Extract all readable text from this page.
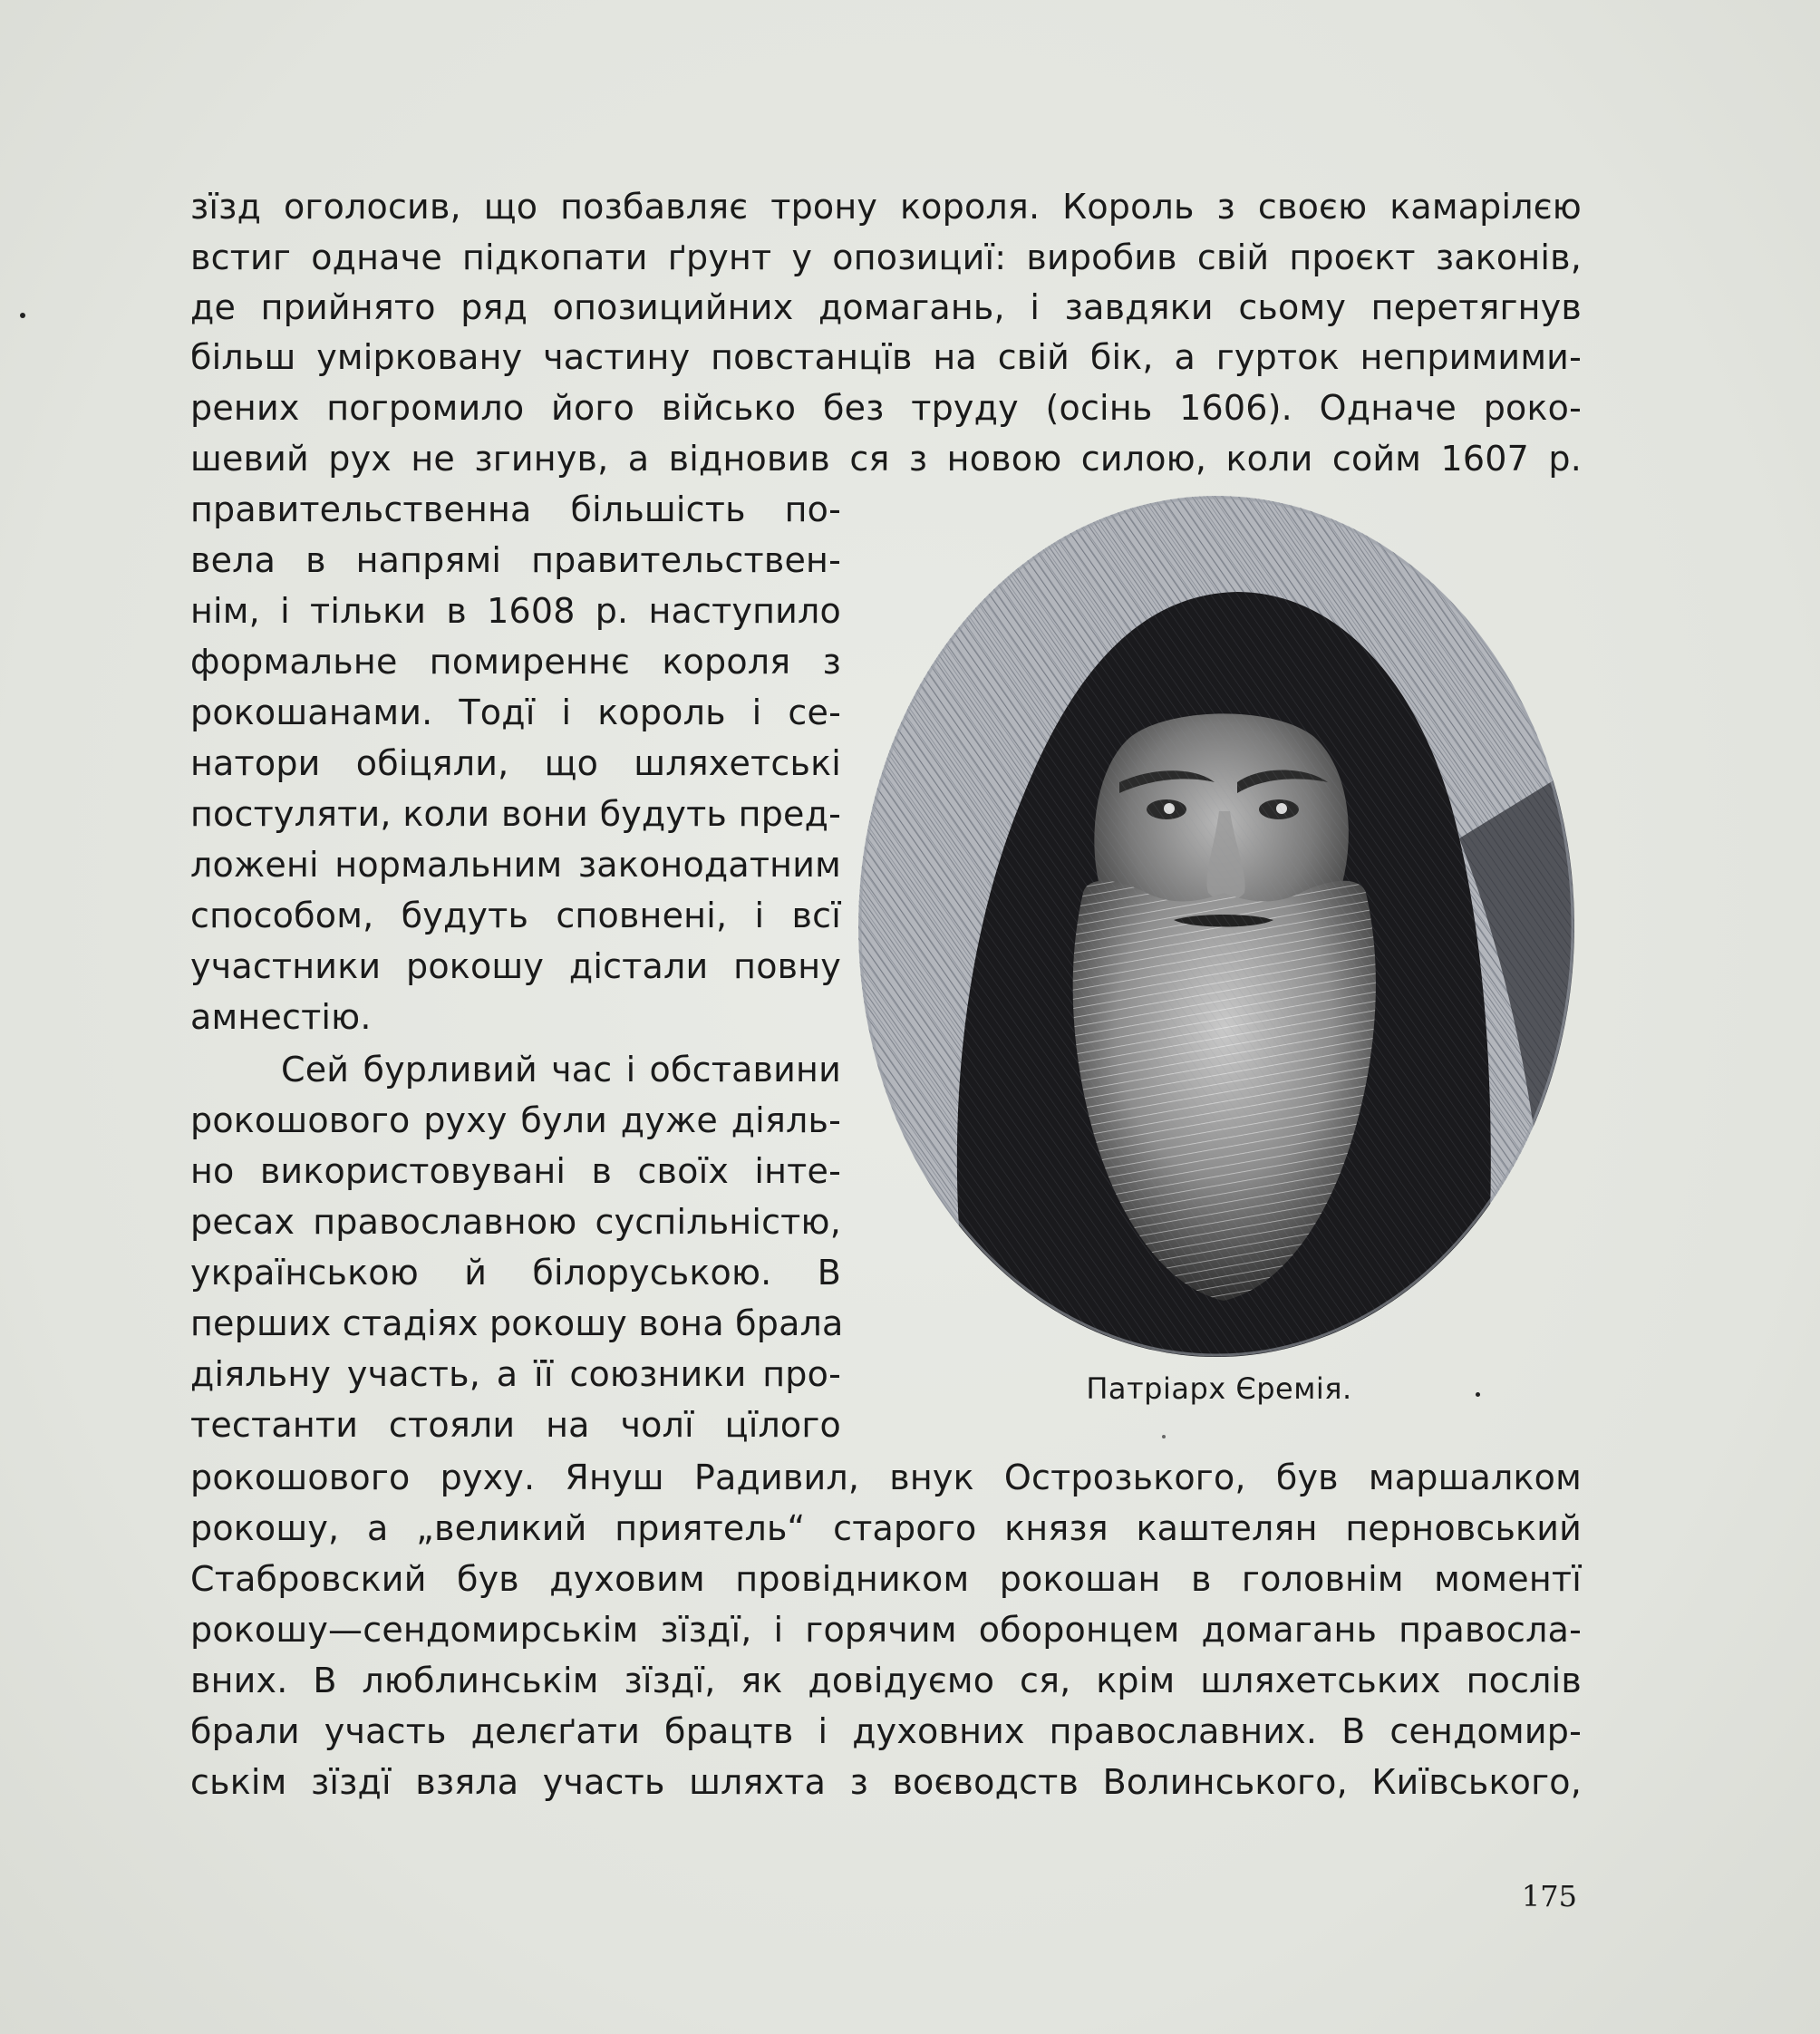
зїзд оголосив, що позбавляє трону короля. Король з своєю камарілєю
встиг одначе підкопати ґрунт у опозициї: виробив свій проєкт законів,
де прийнято ряд опозицийних домагань, і завдяки сьому перетягнув
більш умірковану частину повстанцїв на свій бік, а гурток непримими-
рених погромило його військо без труду (осінь 1606). Одначе роко-
шевий рух не згинув, а відновив ся з новою силою, коли сойм 1607 р.
правительственна більшість по-
вела в напрямі правительствен-
нім, і тільки в 1608 р. наступило
формальне помиреннє короля з
рокошанами. Тодї і король і се-
натори обіцяли, що шляхетські
постуляти, коли вони будуть пред-
ложені нормальним законодатним
способом, будуть сповнені, і всї
участники рокошу дістали повну
амнестію.
Сей бурливий час і обставини
рокошового руху були дуже діяль-
но використовувані в своїх інте-
ресах православною суспільністю,
українською й білоруською. В
перших стадіях рокошу вона брала
діяльну участь, а її союзники про-
тестанти стояли на чолї цїлого
рокошового руху. Януш Радивил, внук Острозького, був маршалком
рокошу, а „великий приятель“ старого князя каштелян перновський
Стабровский був духовим провідником рокошан в головнім моментї
рокошу—сендомирськім зїздї, і горячим оборонцем домагань правосла-
вних. В люблинськім зїздї, як довідуємо ся, крім шляхетських послів
брали участь делєґати брацтв і духовних православних. В сендомир-
ськім зїздї взяла участь шляхта з воєводств Волинського, Київського,
Патріарх Єремія.
175
